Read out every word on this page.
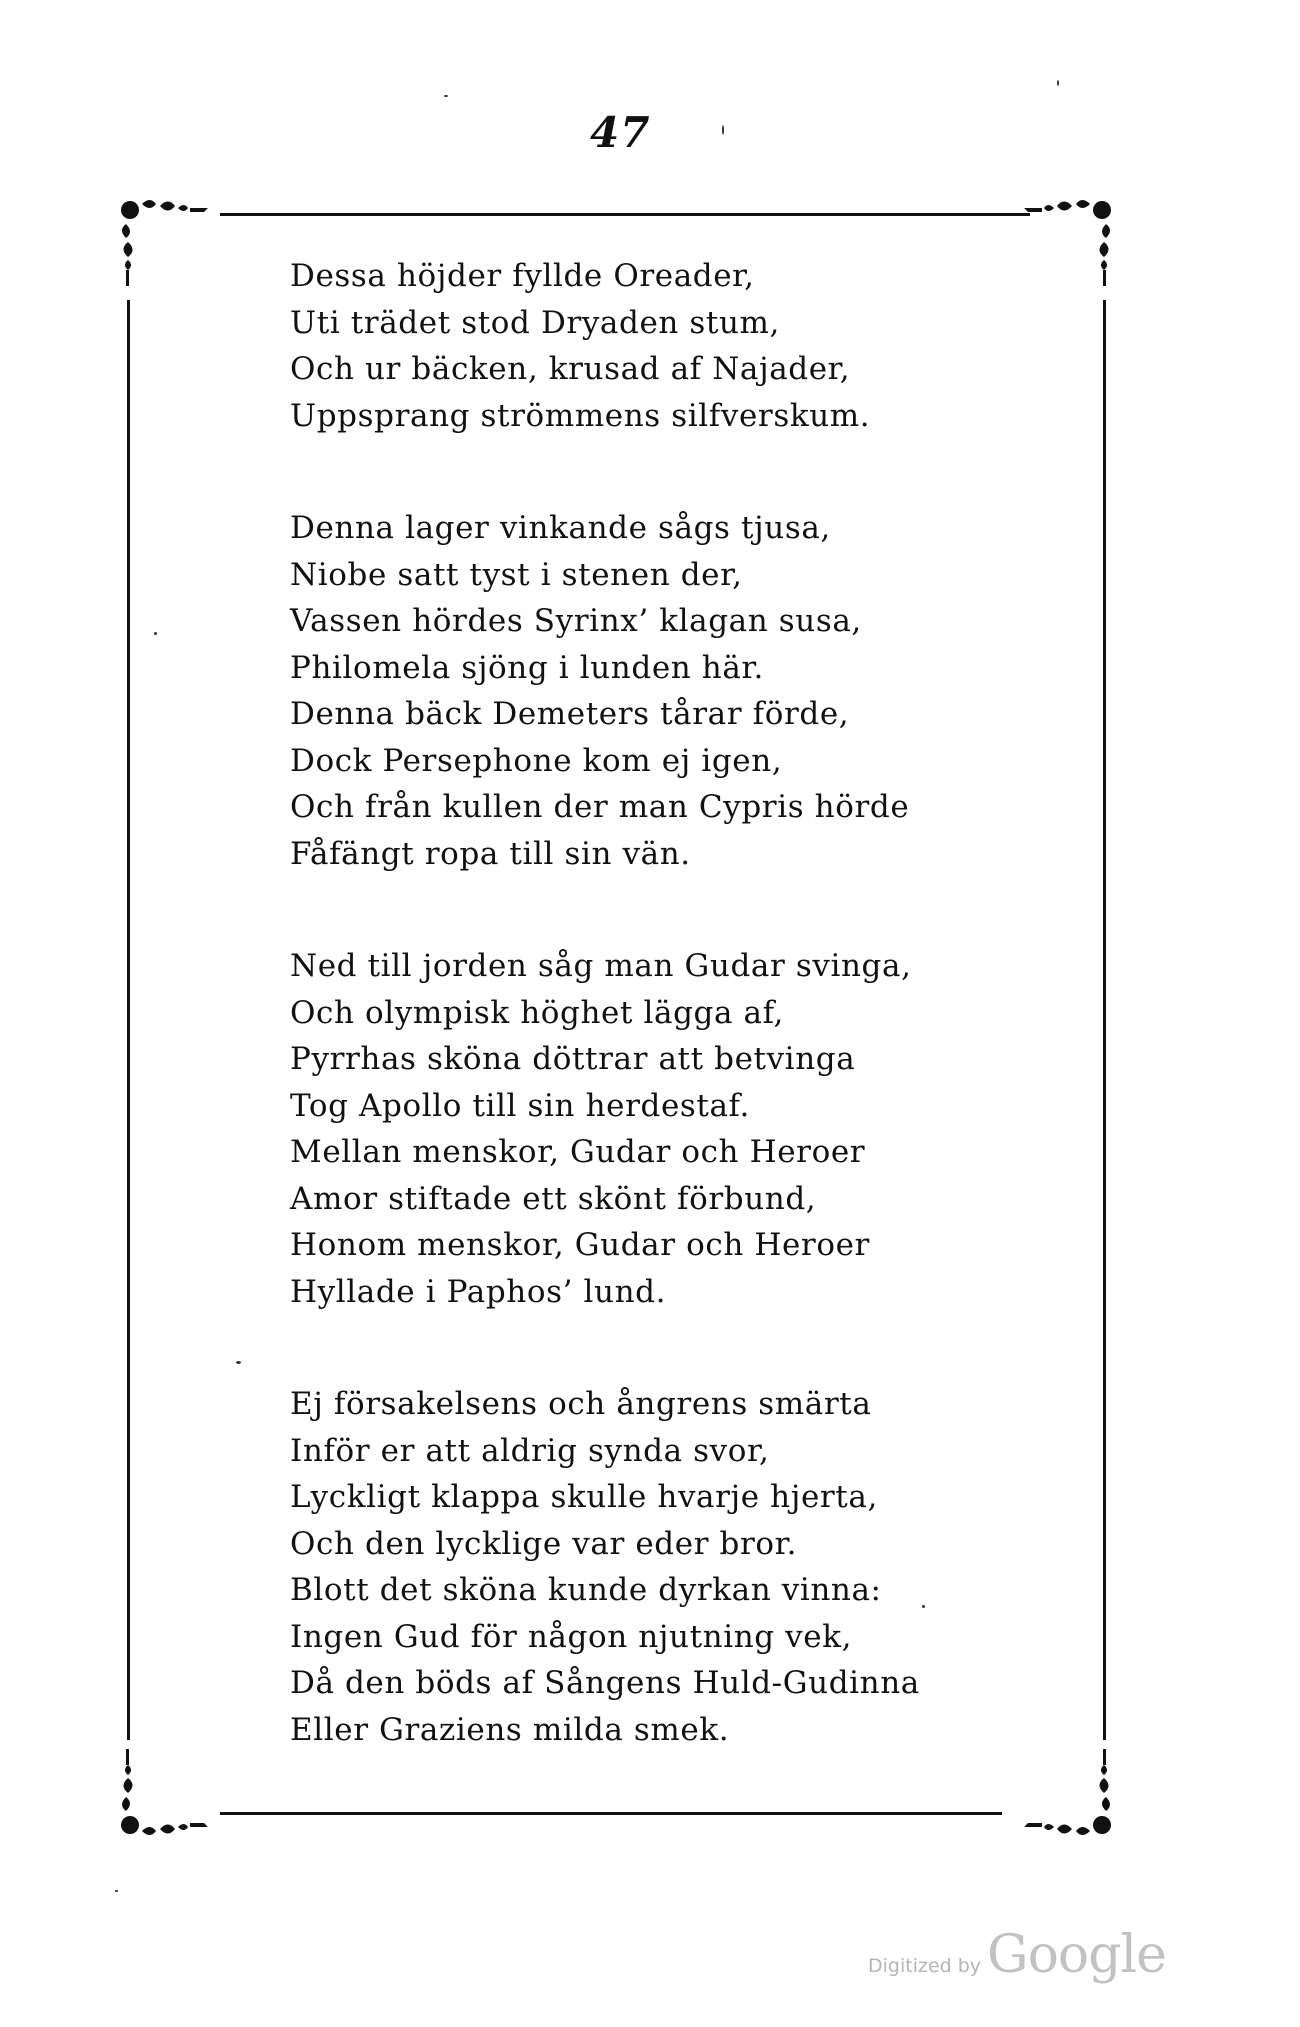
47
Dessa höjder fyllde Oreader,
Uti trädet stod Dryaden stum,
Och ur bäcken, krusad af Najader,
Uppsprang strömmens silfverskum.
Denna lager vinkande sågs tjusa,
Niobe satt tyst i stenen der,
Vassen hördes Syrinx’ klagan susa,
Philomela sjöng i lunden här.
Denna bäck Demeters tårar förde,
Dock Persephone kom ej igen,
Och från kullen der man Cypris hörde
Fåfängt ropa till sin vän.
Ned till jorden såg man Gudar svinga,
Och olympisk höghet lägga af,
Pyrrhas sköna döttrar att betvinga
Tog Apollo till sin herdestaf.
Mellan menskor, Gudar och Heroer
Amor stiftade ett skönt förbund,
Honom menskor, Gudar och Heroer
Hyllade i Paphos’ lund.
Ej försakelsens och ångrens smärta
Inför er att aldrig synda svor,
Lyckligt klappa skulle hvarje hjerta,
Och den lycklige var eder bror.
Blott det sköna kunde dyrkan vinna:
Ingen Gud för någon njutning vek,
Då den böds af Sångens Huld-Gudinna
Eller Graziens milda smek.
Digitized by Google
